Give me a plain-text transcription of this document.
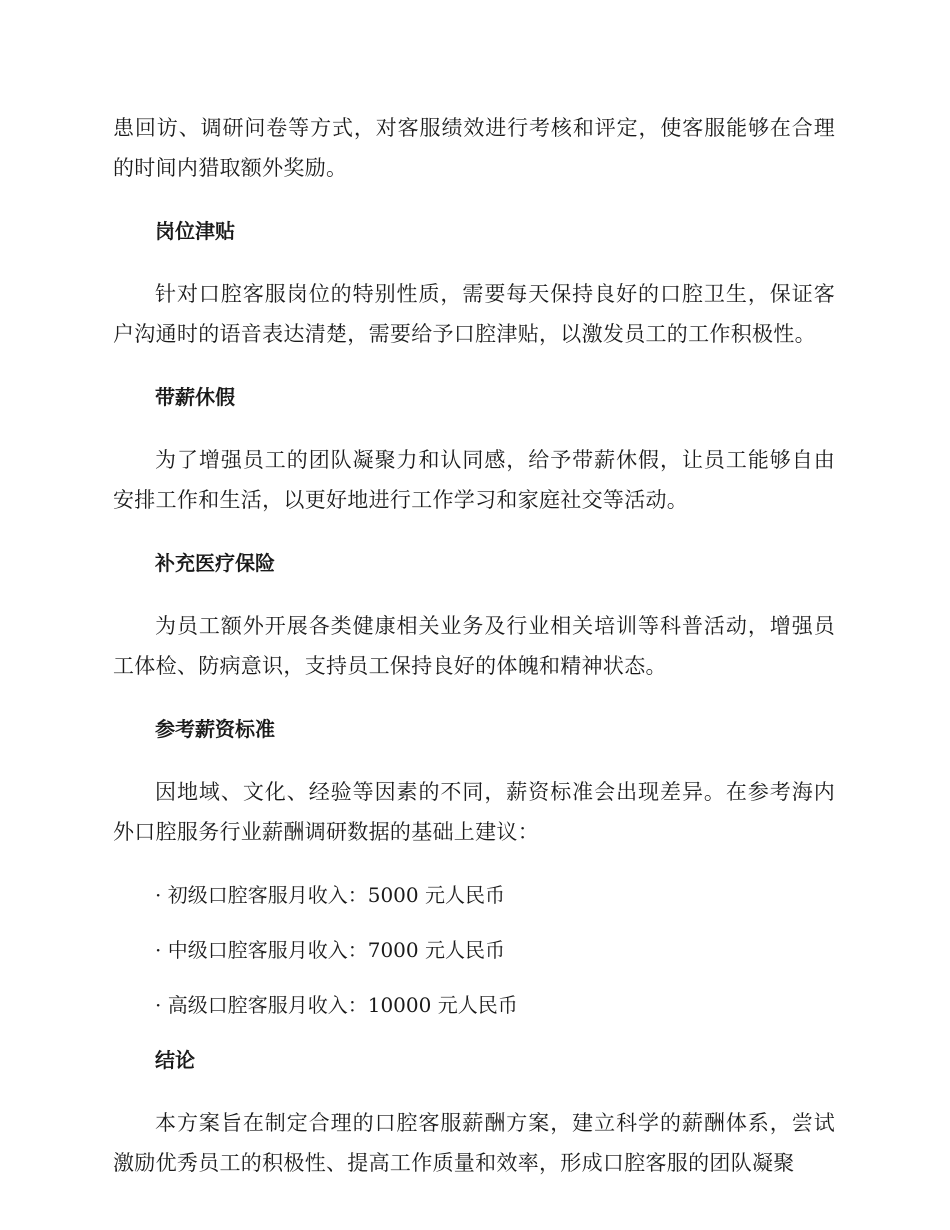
患回访、调研问卷等方式，对客服绩效进行考核和评定，使客服能够在合理的时间内猎取额外奖励。

岗位津贴

针对口腔客服岗位的特别性质，需要每天保持良好的口腔卫生，保证客户沟通时的语音表达清楚，需要给予口腔津贴，以激发员工的工作积极性。

带薪休假

为了增强员工的团队凝聚力和认同感，给予带薪休假，让员工能够自由安排工作和生活，以更好地进行工作学习和家庭社交等活动。

补充医疗保险

为员工额外开展各类健康相关业务及行业相关培训等科普活动，增强员工体检、防病意识，支持员工保持良好的体魄和精神状态。

参考薪资标准

因地域、文化、经验等因素的不同，薪资标准会出现差异。在参考海内外口腔服务行业薪酬调研数据的基础上建议：

· 初级口腔客服月收入：5000 元人民币
· 中级口腔客服月收入：7000 元人民币
· 高级口腔客服月收入：10000 元人民币
结论

本方案旨在制定合理的口腔客服薪酬方案，建立科学的薪酬体系，尝试激励优秀员工的积极性、提高工作质量和效率，形成口腔客服的团队凝聚
